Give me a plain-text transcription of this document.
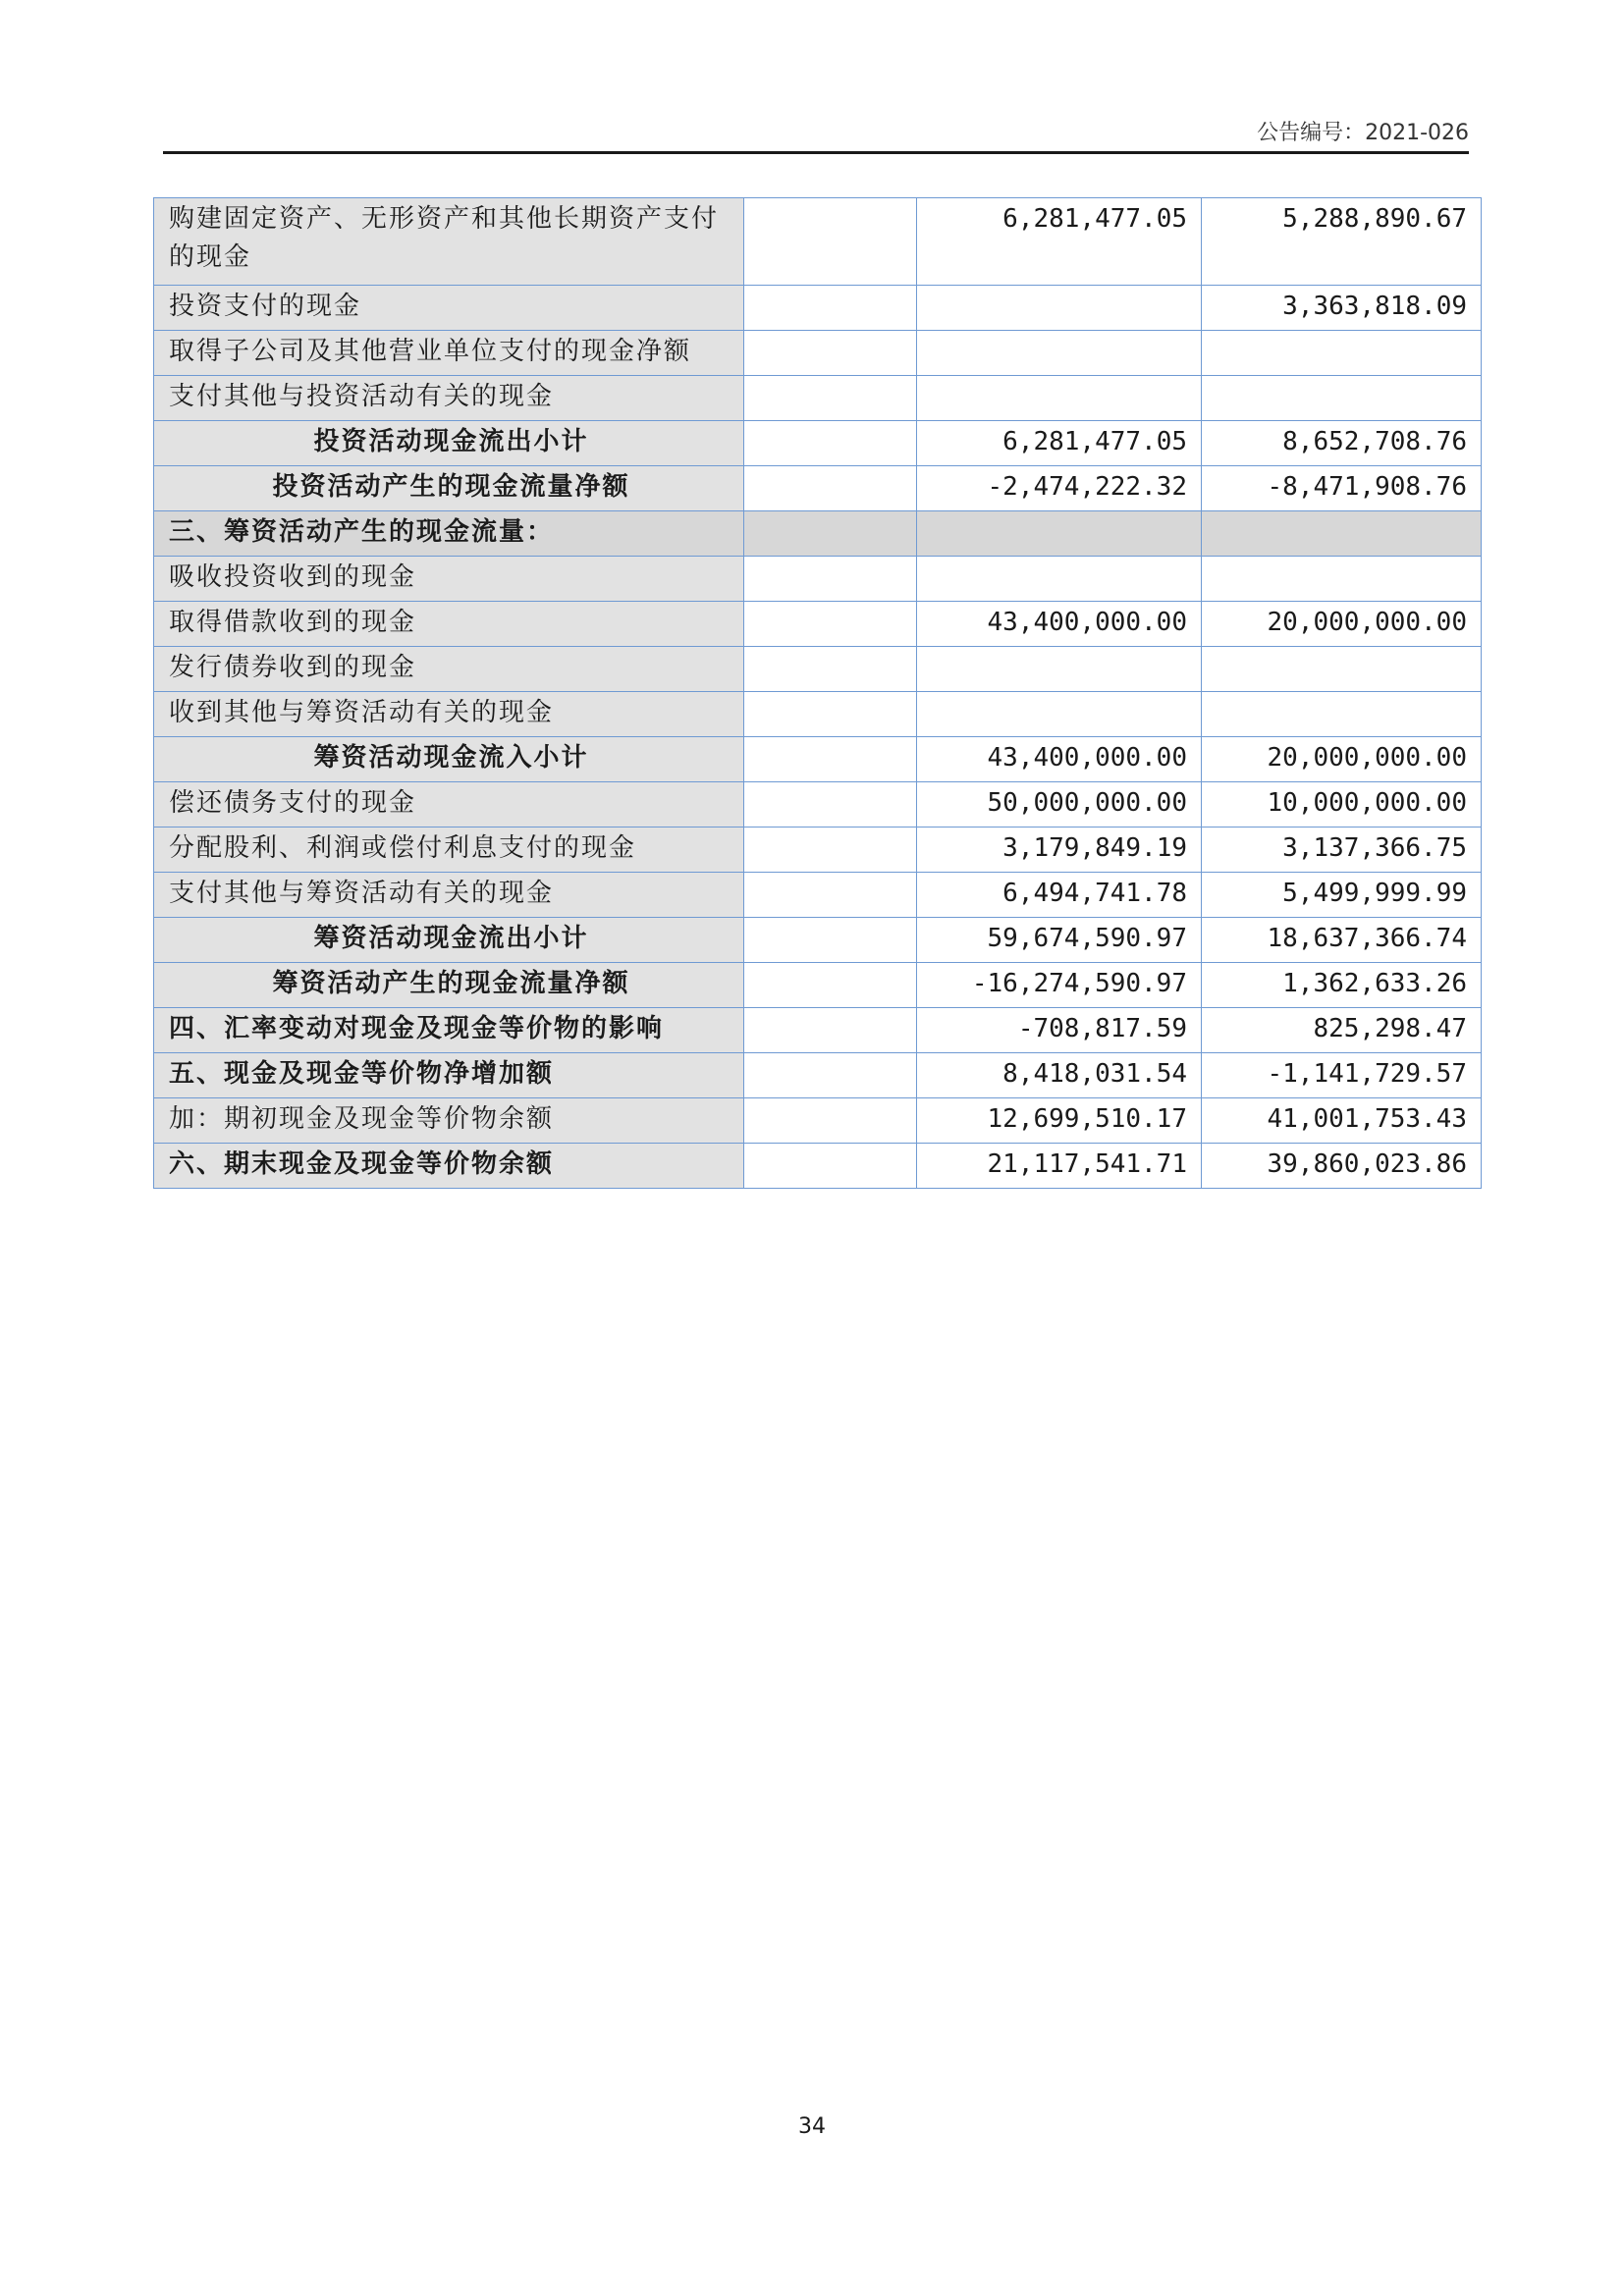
公告编号：2021-026
购建固定资产、无形资产和其他长期资产支付的现金		6,281,477.05	5,288,890.67
投资支付的现金			3,363,818.09
取得子公司及其他营业单位支付的现金净额			
支付其他与投资活动有关的现金			
投资活动现金流出小计		6,281,477.05	8,652,708.76
投资活动产生的现金流量净额		-2,474,222.32	-8,471,908.76
三、筹资活动产生的现金流量：			
吸收投资收到的现金			
取得借款收到的现金		43,400,000.00	20,000,000.00
发行债券收到的现金			
收到其他与筹资活动有关的现金			
筹资活动现金流入小计		43,400,000.00	20,000,000.00
偿还债务支付的现金		50,000,000.00	10,000,000.00
分配股利、利润或偿付利息支付的现金		3,179,849.19	3,137,366.75
支付其他与筹资活动有关的现金		6,494,741.78	5,499,999.99
筹资活动现金流出小计		59,674,590.97	18,637,366.74
筹资活动产生的现金流量净额		-16,274,590.97	1,362,633.26
四、汇率变动对现金及现金等价物的影响		-708,817.59	825,298.47
五、现金及现金等价物净增加额		8,418,031.54	-1,141,729.57
加：期初现金及现金等价物余额		12,699,510.17	41,001,753.43
六、期末现金及现金等价物余额		21,117,541.71	39,860,023.86
34
